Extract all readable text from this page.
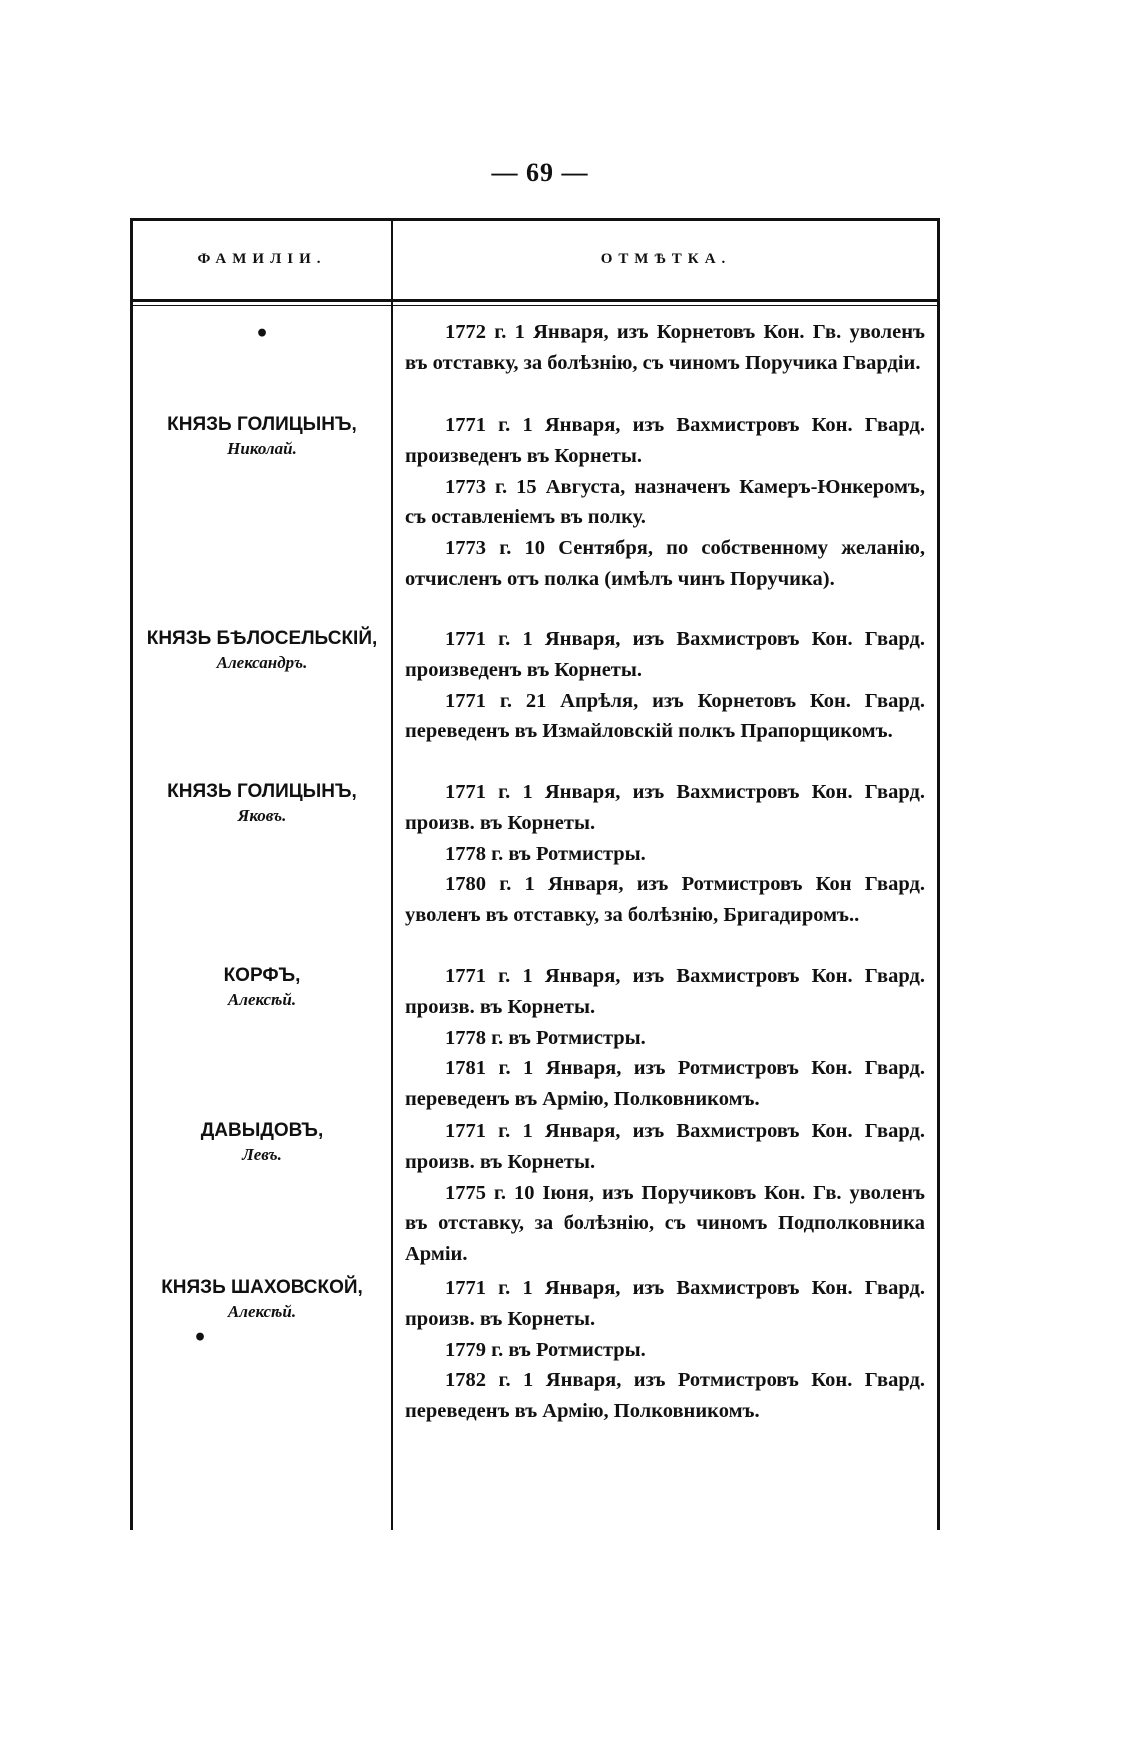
— 69 —
ФАМИЛІИ.	ОТМѢТКА.
•	1772 г. 1 Января, изъ Корнетовъ Кон. Гв. уволенъ въ отставку, за болѣзнію, съ чиномъ Поручика Гвардіи.

КНЯЗЬ ГОЛИЦЫНЪ,
Николай.

1771 г. 1 Января, изъ Вахмистровъ Кон. Гвард. произведенъ въ Корнеты.

1773 г. 15 Августа, назначенъ Камеръ-Юнкеромъ, съ оставленіемъ въ полку.

1773 г. 10 Сентября, по собственному желанію, отчисленъ отъ полка (имѣлъ чинъ Поручика).

КНЯЗЬ БѢЛОСЕЛЬСКІЙ,
Александръ.

1771 г. 1 Января, изъ Вахмистровъ Кон. Гвард. произведенъ въ Корнеты.

1771 г. 21 Апрѣля, изъ Корнетовъ Кон. Гвард. переведенъ въ Измайловскій полкъ Прапорщикомъ.

КНЯЗЬ ГОЛИЦЫНЪ,
Яковъ.

1771 г. 1 Января, изъ Вахмистровъ Кон. Гвард. произв. въ Корнеты.

1778 г. въ Ротмистры.

1780 г. 1 Января, изъ Ротмистровъ Кон Гвард. уволенъ въ отставку, за болѣзнію, Бригадиромъ..

КОРФЪ,
Алексѣй.

1771 г. 1 Января, изъ Вахмистровъ Кон. Гвард. произв. въ Корнеты.

1778 г. въ Ротмистры.

1781 г. 1 Января, изъ Ротмистровъ Кон. Гвард. переведенъ въ Армію, Полковникомъ.

ДАВЫДОВЪ,
Левъ.

1771 г. 1 Января, изъ Вахмистровъ Кон. Гвард. произв. въ Корнеты.

1775 г. 10 Іюня, изъ Поручиковъ Кон. Гв. уволенъ въ отставку, за болѣзнію, съ чиномъ Подполковника Арміи.

КНЯЗЬ ШАХОВСКОЙ,
Алексѣй.
•

1771 г. 1 Января, изъ Вахмистровъ Кон. Гвард. произв. въ Корнеты.

1779 г. въ Ротмистры.

1782 г. 1 Января, изъ Ротмистровъ Кон. Гвард. переведенъ въ Армію, Полковникомъ.
